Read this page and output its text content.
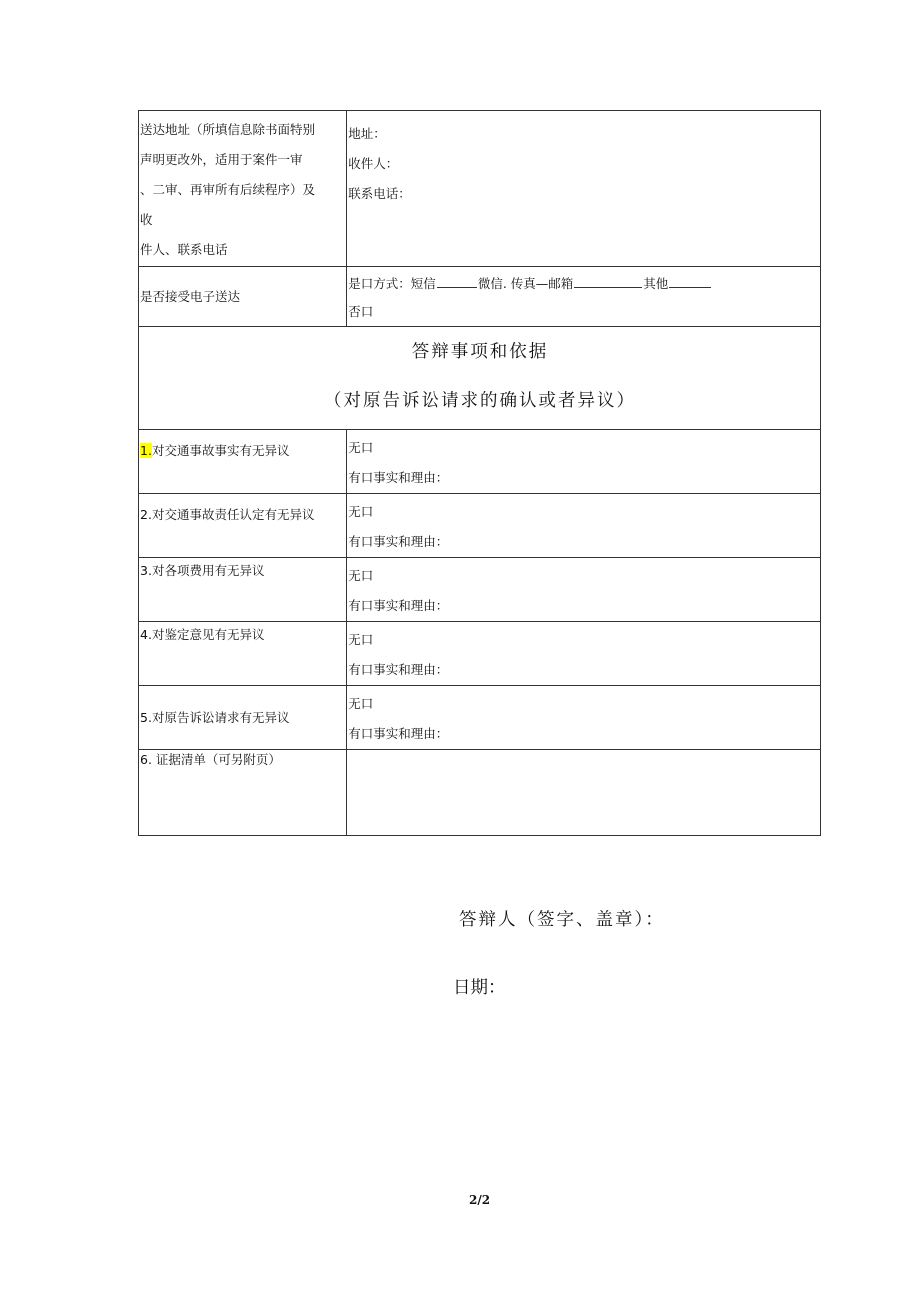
送达地址（所填信息除书面特别
声明更改外，适用于案件一审
、二审、再审所有后续程序）及
收
件人、联系电话	地址：
收件人：
联系电话：

是否接受电子送达	是口方式：短信 微信. 传真—邮箱 其他
否口

答辩事项和依据
（对原告诉讼请求的确认或者异议）	

1.对交通事故事实有无异议	无口
有口事实和理由：

2.对交通事故责任认定有无异议	无口
有口事实和理由：

3.对各项费用有无异议	无口
有口事实和理由：

4.对鉴定意见有无异议	无口
有口事实和理由：

5.对原告诉讼请求有无异议	无口
有口事实和理由：

6. 证据清单（可另附页）	
答辩人（签字、盖章）：
日期：
2/2
